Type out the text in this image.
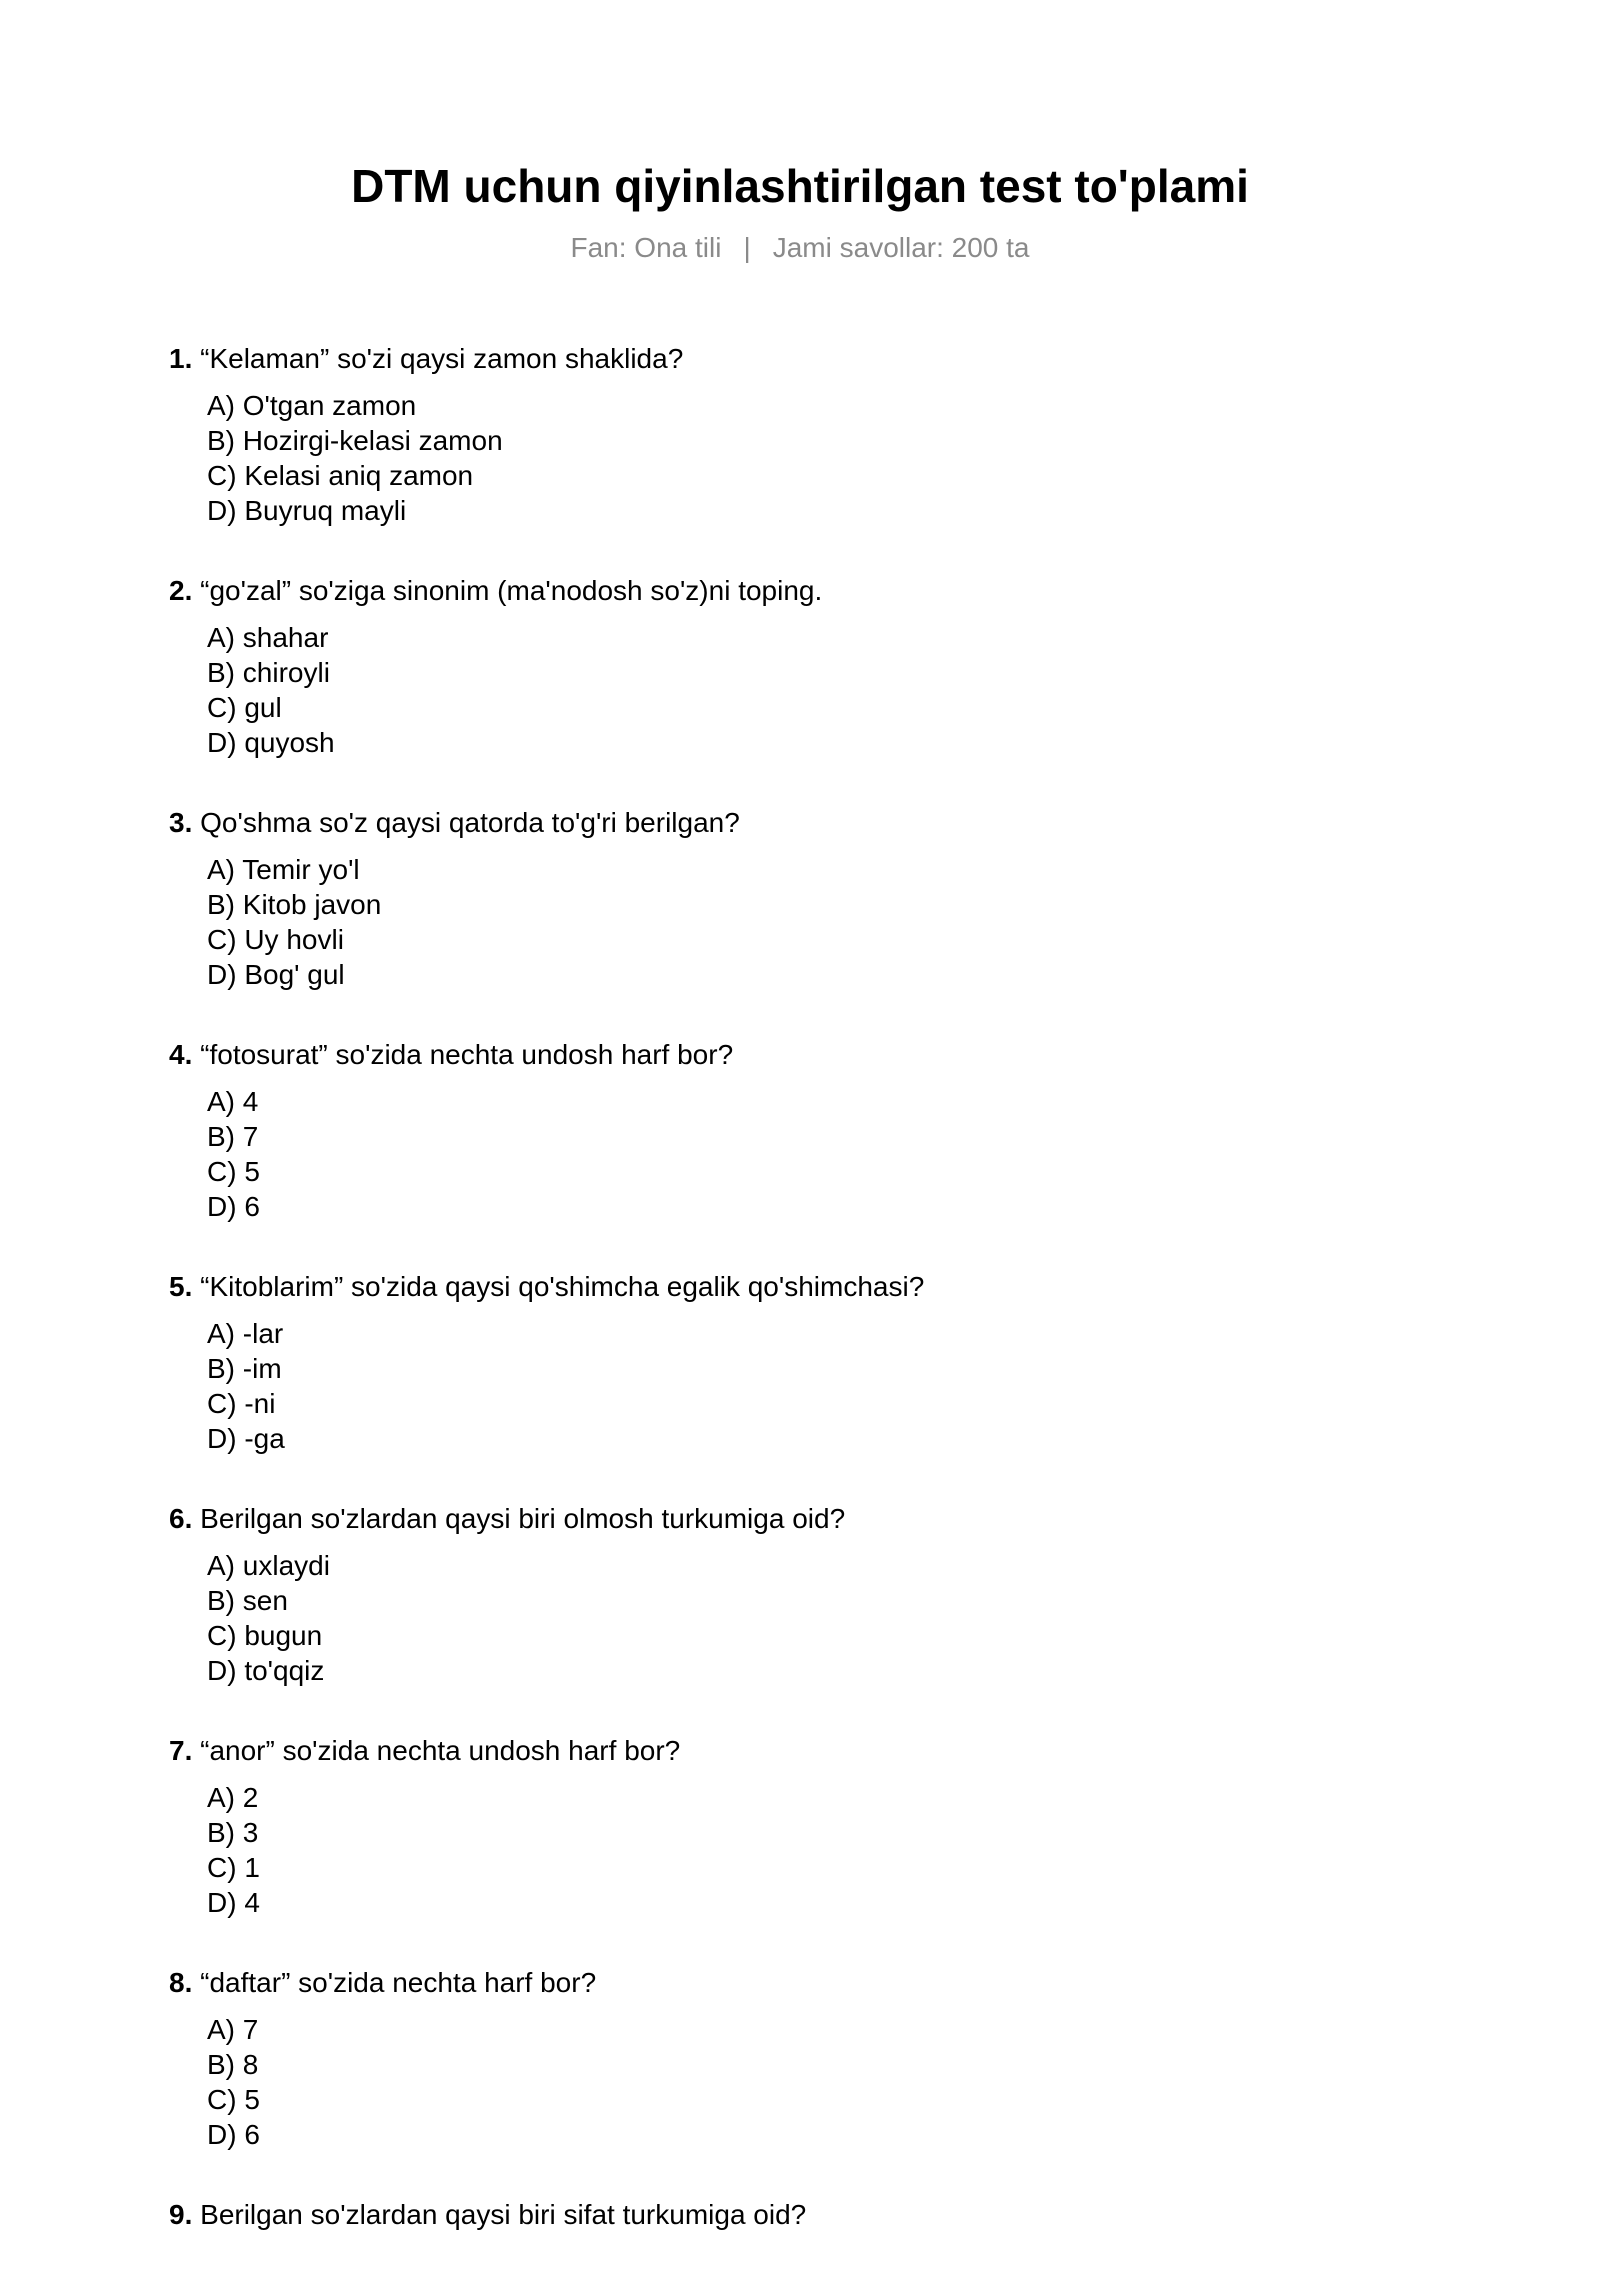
DTM uchun qiyinlashtirilgan test to'plami
Fan: Ona tili | Jami savollar: 200 ta
1. “Kelaman” so'zi qaysi zamon shaklida?
A) O'tgan zamon
B) Hozirgi-kelasi zamon
C) Kelasi aniq zamon
D) Buyruq mayli
2. “go'zal” so'ziga sinonim (ma'nodosh so'z)ni toping.
A) shahar
B) chiroyli
C) gul
D) quyosh
3. Qo'shma so'z qaysi qatorda to'g'ri berilgan?
A) Temir yo'l
B) Kitob javon
C) Uy hovli
D) Bog' gul
4. “fotosurat” so'zida nechta undosh harf bor?
A) 4
B) 7
C) 5
D) 6
5. “Kitoblarim” so'zida qaysi qo'shimcha egalik qo'shimchasi?
A) -lar
B) -im
C) -ni
D) -ga
6. Berilgan so'zlardan qaysi biri olmosh turkumiga oid?
A) uxlaydi
B) sen
C) bugun
D) to'qqiz
7. “anor” so'zida nechta undosh harf bor?
A) 2
B) 3
C) 1
D) 4
8. “daftar” so'zida nechta harf bor?
A) 7
B) 8
C) 5
D) 6
9. Berilgan so'zlardan qaysi biri sifat turkumiga oid?
